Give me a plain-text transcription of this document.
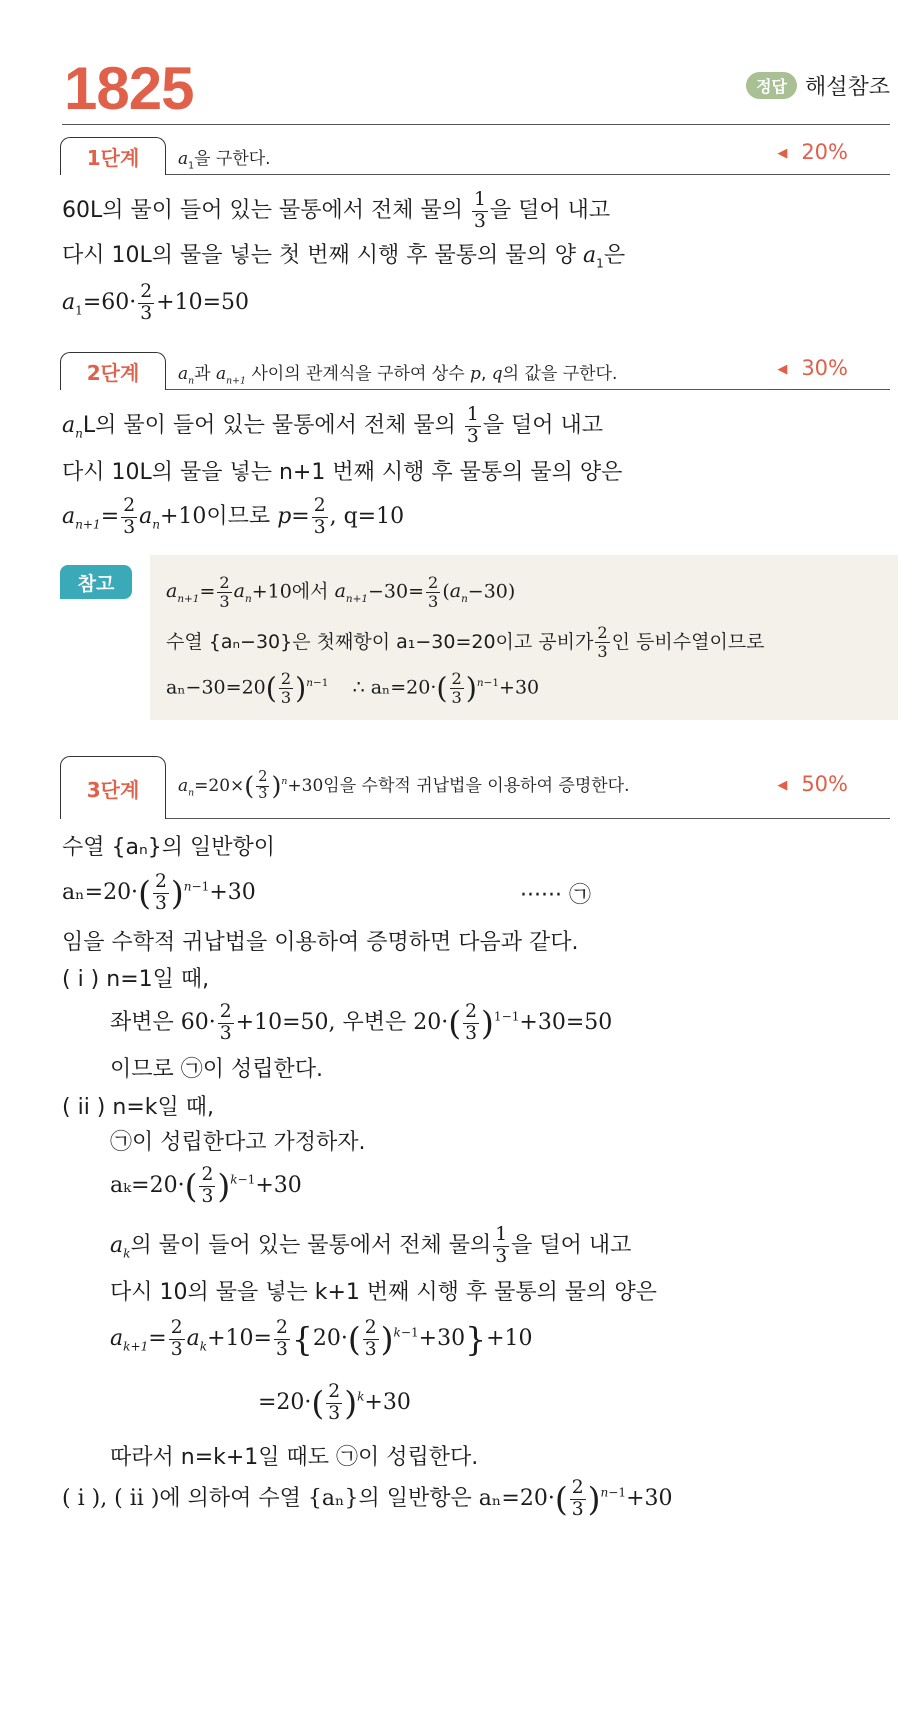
1825	정답 해설참조
1단계	$a_1$을 구한다.	◀ 20%
60L의 물이 들어 있는 물통에서 전체 물의 $\frac{1}{3}$ 을 덜어 내고
다시 10L의 물을 넣는 첫 번째 시행 후 물통의 물의 양 $a_1$은
$a_1=60\cdot \frac{2}{3} +10=50$
2단계	$a_n$과 $a_{n+1}$ 사이의 관계식을 구하여 상수 p, q의 값을 구한다.	◀ 30%
$a_nL$의 물이 들어 있는 물통에서 전체 물의 $\frac{1}{3}$ 을 덜어 내고
다시 10L의 물을 넣는 n+1 번째 시행 후 물통의 물의 양은
$a_{n+1}= \frac{2}{3} a_n+10$이므로 $p= \frac{2}{3}$ , q=10
참고	$a_{n+1}= \frac{2}{3} a_n+10$에서 $a_{n+1}-30= \frac{2}{3} (a_n-30)$
수열 {aₙ−30}은 첫째항이 a₁−30=20이고 공비가 $\frac{2}{3}$ 인 등비수열이므로
$a_n-30=20( \frac{2}{3} )^{n-1}$ ∴ $a_n=20\cdot( \frac{2}{3} )^{n-1}+30$
3단계	$a_n=20\times( \frac{2}{3} )^n+30$임을 수학적 귀납법을 이용하여 증명한다.	◀ 50%
수열 {aₙ}의 일반항이
$a_n=20\cdot( \frac{2}{3} )^{n-1}+30$	······ ㉠
임을 수학적 귀납법을 이용하여 증명하면 다음과 같다.
( i ) n=1일 때,
좌변은 $60\cdot \frac{2}{3} +10=50$, 우변은 $20\cdot( \frac{2}{3} )^{1-1}+30=50$
이므로 ㉠이 성립한다.
( ii ) n=k일 때,
㉠이 성립한다고 가정하자.
$a_k=20\cdot( \frac{2}{3} )^{k-1}+30$
$a_k$의 물이 들어 있는 물통에서 전체 물의 $\frac{1}{3}$ 을 덜어 내고
다시 10의 물을 넣는 k+1 번째 시행 후 물통의 물의 양은
$a_{k+1}= \frac{2}{3} a_k+10= \frac{2}{3} \{20\cdot( \frac{2}{3} )^{k-1}+30\}+10$
$=20\cdot( \frac{2}{3} )^k+30$
따라서 n=k+1일 때도 ㉠이 성립한다.
( i ), ( ii )에 의하여 수열 {aₙ}의 일반항은 $a_n=20\cdot( \frac{2}{3} )^{n-1}+30$
